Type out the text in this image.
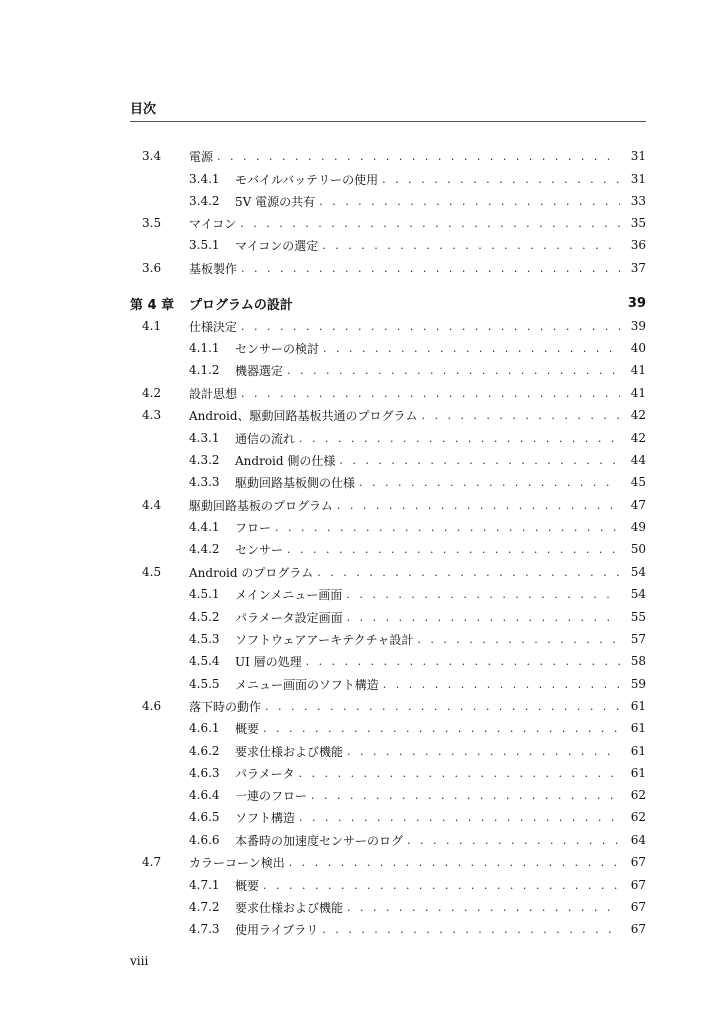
目次
3.4	電源 . . .	31
3.4.1	モバイルバッテリーの使用 . . .	31
3.4.2	5V 電源の共有 . . .	33
3.5	マイコン . . .	35
3.5.1	マイコンの選定 . . .	36
3.6	基板製作 . . .	37
第 4 章	プログラムの設計	39
4.1	仕様決定 . . .	39
4.1.1	センサーの検討 . . .	40
4.1.2	機器選定 . . .	41
4.2	設計思想 . . .	41
4.3	Android、駆動回路基板共通のプログラム . . .	42
4.3.1	通信の流れ . . .	42
4.3.2	Android 側の仕様 . . .	44
4.3.3	駆動回路基板側の仕様 . . .	45
4.4	駆動回路基板のプログラム . . .	47
4.4.1	フロー . . .	49
4.4.2	センサー . . .	50
4.5	Android のプログラム . . .	54
4.5.1	メインメニュー画面 . . .	54
4.5.2	パラメータ設定画面 . . .	55
4.5.3	ソフトウェアアーキテクチャ設計 . . .	57
4.5.4	UI 層の処理 . . .	58
4.5.5	メニュー画面のソフト構造 . . .	59
4.6	落下時の動作 . . .	61
4.6.1	概要 . . .	61
4.6.2	要求仕様および機能 . . .	61
4.6.3	パラメータ . . .	61
4.6.4	一連のフロー . . .	62
4.6.5	ソフト構造 . . .	62
4.6.6	本番時の加速度センサーのログ . . .	64
4.7	カラーコーン検出 . . .	67
4.7.1	概要 . . .	67
4.7.2	要求仕様および機能 . . .	67
4.7.3	使用ライブラリ . . .	67
viii
